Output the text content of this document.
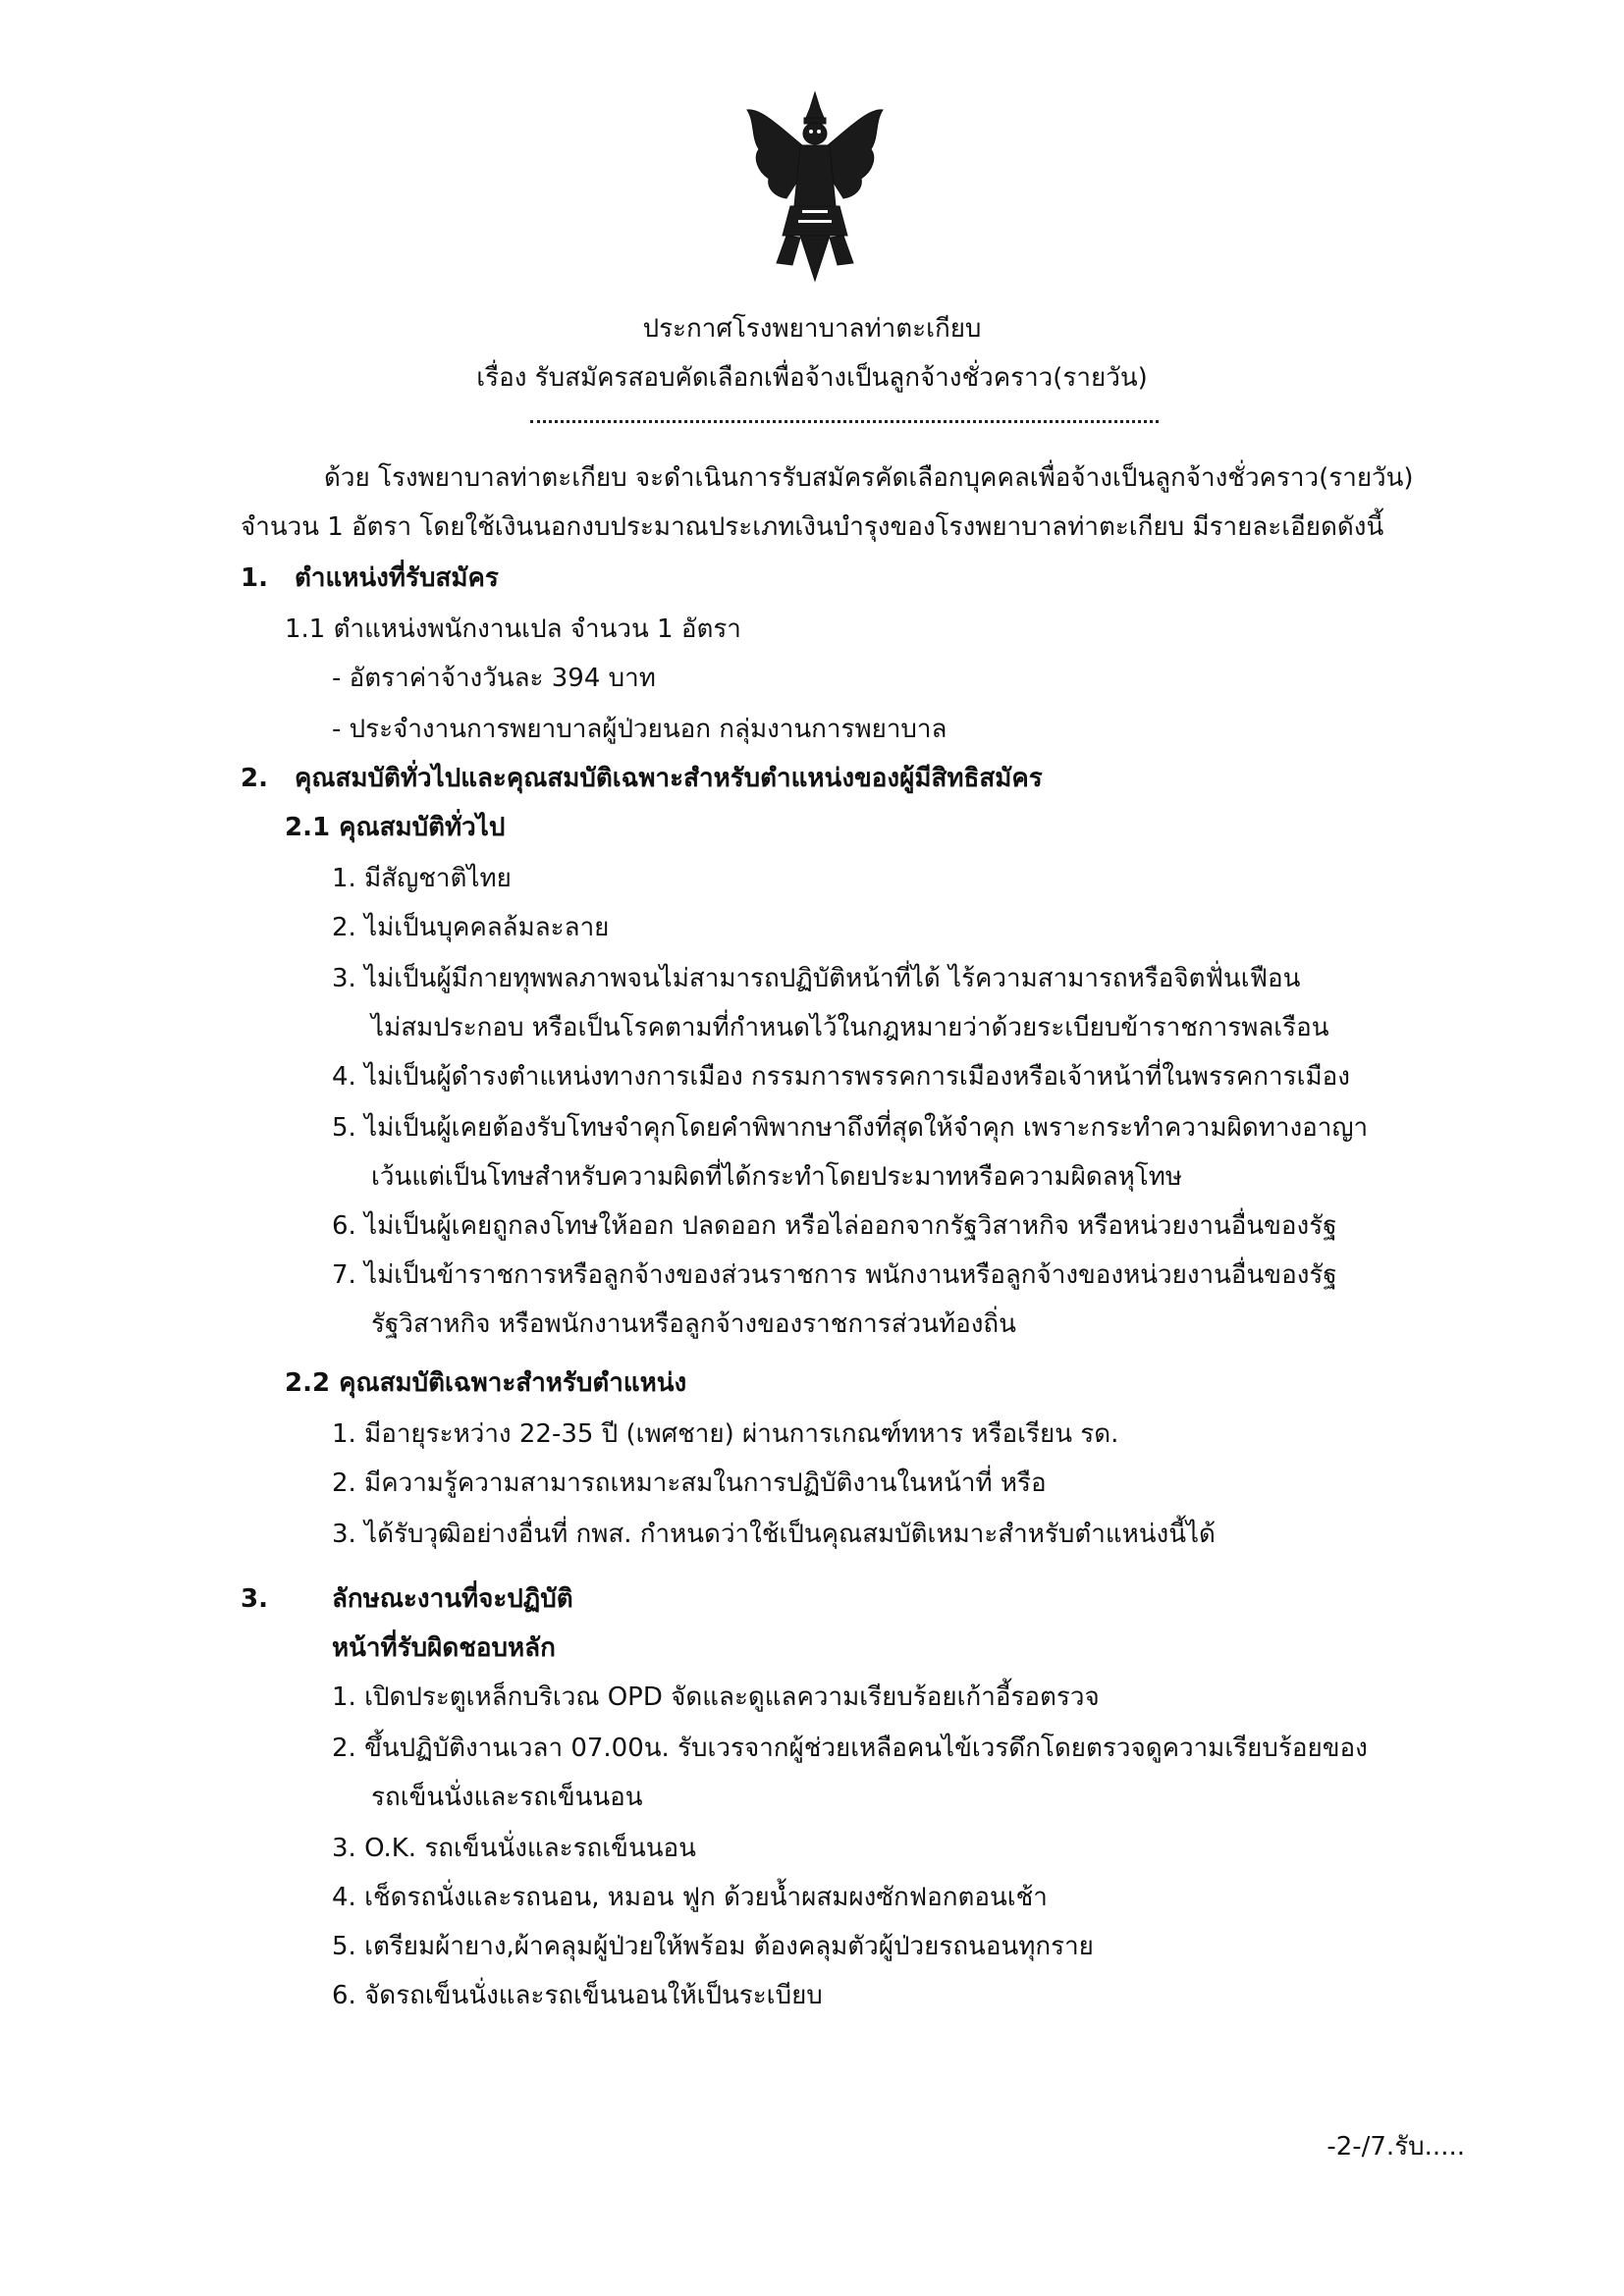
ประกาศโรงพยาบาลท่าตะเกียบ
เรื่อง รับสมัครสอบคัดเลือกเพื่อจ้างเป็นลูกจ้างชั่วคราว(รายวัน)
ด้วย โรงพยาบาลท่าตะเกียบ จะดำเนินการรับสมัครคัดเลือกบุคคลเพื่อจ้างเป็นลูกจ้างชั่วคราว(รายวัน)
จำนวน 1 อัตรา โดยใช้เงินนอกงบประมาณประเภทเงินบำรุงของโรงพยาบาลท่าตะเกียบ มีรายละเอียดดังนี้
1. ตำแหน่งที่รับสมัคร
1.1 ตำแหน่งพนักงานเปล จำนวน 1 อัตรา
- อัตราค่าจ้างวันละ 394 บาท
- ประจำงานการพยาบาลผู้ป่วยนอก กลุ่มงานการพยาบาล
2. คุณสมบัติทั่วไปและคุณสมบัติเฉพาะสำหรับตำแหน่งของผู้มีสิทธิสมัคร
2.1 คุณสมบัติทั่วไป
1. มีสัญชาติไทย
2. ไม่เป็นบุคคลล้มละลาย
3. ไม่เป็นผู้มีกายทุพพลภาพจนไม่สามารถปฏิบัติหน้าที่ได้ ไร้ความสามารถหรือจิตฟั่นเฟือน
ไม่สมประกอบ หรือเป็นโรคตามที่กำหนดไว้ในกฎหมายว่าด้วยระเบียบข้าราชการพลเรือน
4. ไม่เป็นผู้ดำรงตำแหน่งทางการเมือง กรรมการพรรคการเมืองหรือเจ้าหน้าที่ในพรรคการเมือง
5. ไม่เป็นผู้เคยต้องรับโทษจำคุกโดยคำพิพากษาถึงที่สุดให้จำคุก เพราะกระทำความผิดทางอาญา
เว้นแต่เป็นโทษสำหรับความผิดที่ได้กระทำโดยประมาทหรือความผิดลหุโทษ
6. ไม่เป็นผู้เคยถูกลงโทษให้ออก ปลดออก หรือไล่ออกจากรัฐวิสาหกิจ หรือหน่วยงานอื่นของรัฐ
7. ไม่เป็นข้าราชการหรือลูกจ้างของส่วนราชการ พนักงานหรือลูกจ้างของหน่วยงานอื่นของรัฐ
รัฐวิสาหกิจ หรือพนักงานหรือลูกจ้างของราชการส่วนท้องถิ่น
2.2 คุณสมบัติเฉพาะสำหรับตำแหน่ง
1. มีอายุระหว่าง 22-35 ปี (เพศชาย) ผ่านการเกณฑ์ทหาร หรือเรียน รด.
2. มีความรู้ความสามารถเหมาะสมในการปฏิบัติงานในหน้าที่ หรือ
3. ได้รับวุฒิอย่างอื่นที่ กพส. กำหนดว่าใช้เป็นคุณสมบัติเหมาะสำหรับตำแหน่งนี้ได้
3.	ลักษณะงานที่จะปฏิบัติ
หน้าที่รับผิดชอบหลัก
1. เปิดประตูเหล็กบริเวณ OPD จัดและดูแลความเรียบร้อยเก้าอี้รอตรวจ
2. ขึ้นปฏิบัติงานเวลา 07.00น. รับเวรจากผู้ช่วยเหลือคนไข้เวรดึกโดยตรวจดูความเรียบร้อยของ
รถเข็นนั่งและรถเข็นนอน
3. O.K. รถเข็นนั่งและรถเข็นนอน
4. เช็ดรถนั่งและรถนอน, หมอน ฟูก ด้วยน้ำผสมผงซักฟอกตอนเช้า
5. เตรียมผ้ายาง,ผ้าคลุมผู้ป่วยให้พร้อม ต้องคลุมตัวผู้ป่วยรถนอนทุกราย
6. จัดรถเข็นนั่งและรถเข็นนอนให้เป็นระเบียบ
-2-/7.รับ.....
